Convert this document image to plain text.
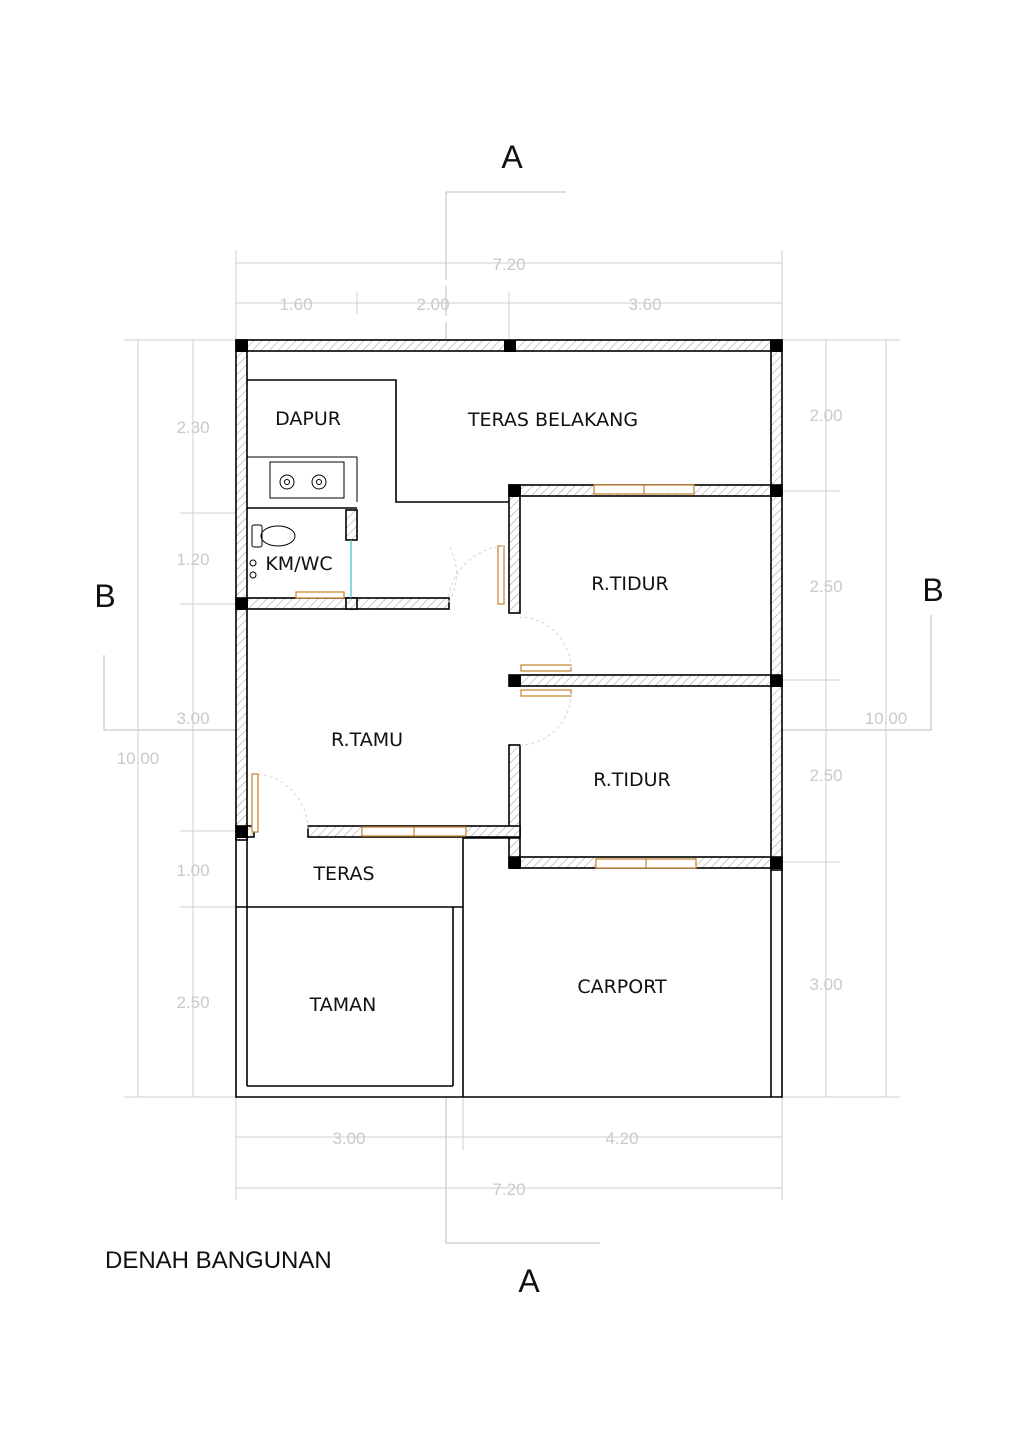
A
A
B	B
7.20
1.60	2.00	3.60
3.00	4.20
7.20
10.00
2.30
1.20
3.00
1.00
2.50
2.00
2.50
2.50
3.00
10.00
DAPUR	TERAS BELAKANG
KM/WC
R.TIDUR
R.TAMU
R.TIDUR
TERAS
TAMAN
CARPORT
DENAH BANGUNAN
